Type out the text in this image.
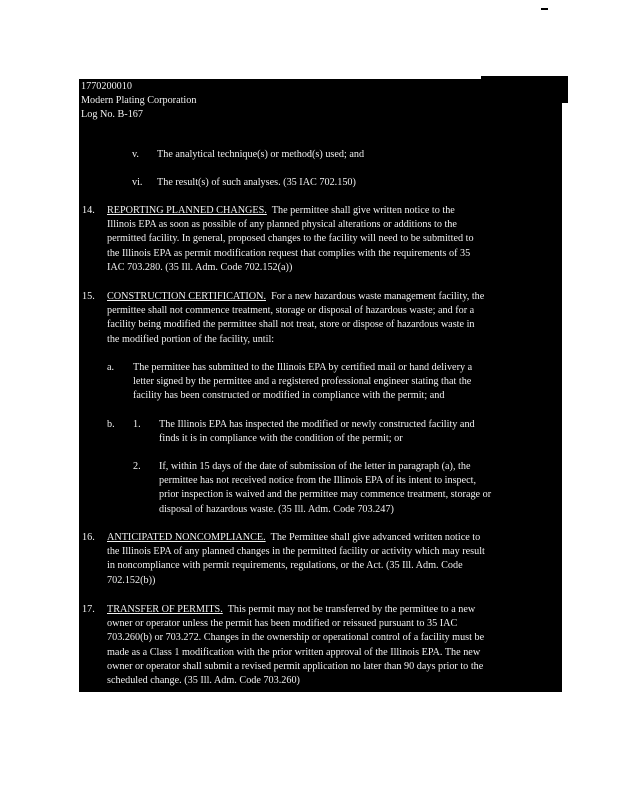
1770200010
Modern Plating Corporation
Log No. B-167
v. The analytical technique(s) or method(s) used; and
vi. The result(s) of such analyses. (35 IAC 702.150)
14. REPORTING PLANNED CHANGES. The permittee shall give written notice to the
Illinois EPA as soon as possible of any planned physical alterations or additions to the
permitted facility. In general, proposed changes to the facility will need to be submitted to
the Illinois EPA as permit modification request that complies with the requirements of 35
IAC 703.280. (35 Ill. Adm. Code 702.152(a))
15. CONSTRUCTION CERTIFICATION. For a new hazardous waste management facility, the
permittee shall not commence treatment, storage or disposal of hazardous waste; and for a
facility being modified the permittee shall not treat, store or dispose of hazardous waste in
the modified portion of the facility, until:
a. The permittee has submitted to the Illinois EPA by certified mail or hand delivery a
letter signed by the permittee and a registered professional engineer stating that the
facility has been constructed or modified in compliance with the permit; and
b. 1. The Illinois EPA has inspected the modified or newly constructed facility and
finds it is in compliance with the condition of the permit; or
2. If, within 15 days of the date of submission of the letter in paragraph (a), the
permittee has not received notice from the Illinois EPA of its intent to inspect,
prior inspection is waived and the permittee may commence treatment, storage or
disposal of hazardous waste. (35 Ill. Adm. Code 703.247)
16. ANTICIPATED NONCOMPLIANCE. The Permittee shall give advanced written notice to
the Illinois EPA of any planned changes in the permitted facility or activity which may result
in noncompliance with permit requirements, regulations, or the Act. (35 Ill. Adm. Code
702.152(b))
17. TRANSFER OF PERMITS. This permit may not be transferred by the permittee to a new
owner or operator unless the permit has been modified or reissued pursuant to 35 IAC
703.260(b) or 703.272. Changes in the ownership or operational control of a facility must be
made as a Class 1 modification with the prior written approval of the Illinois EPA. The new
owner or operator shall submit a revised permit application no later than 90 days prior to the
scheduled change. (35 Ill. Adm. Code 703.260)
